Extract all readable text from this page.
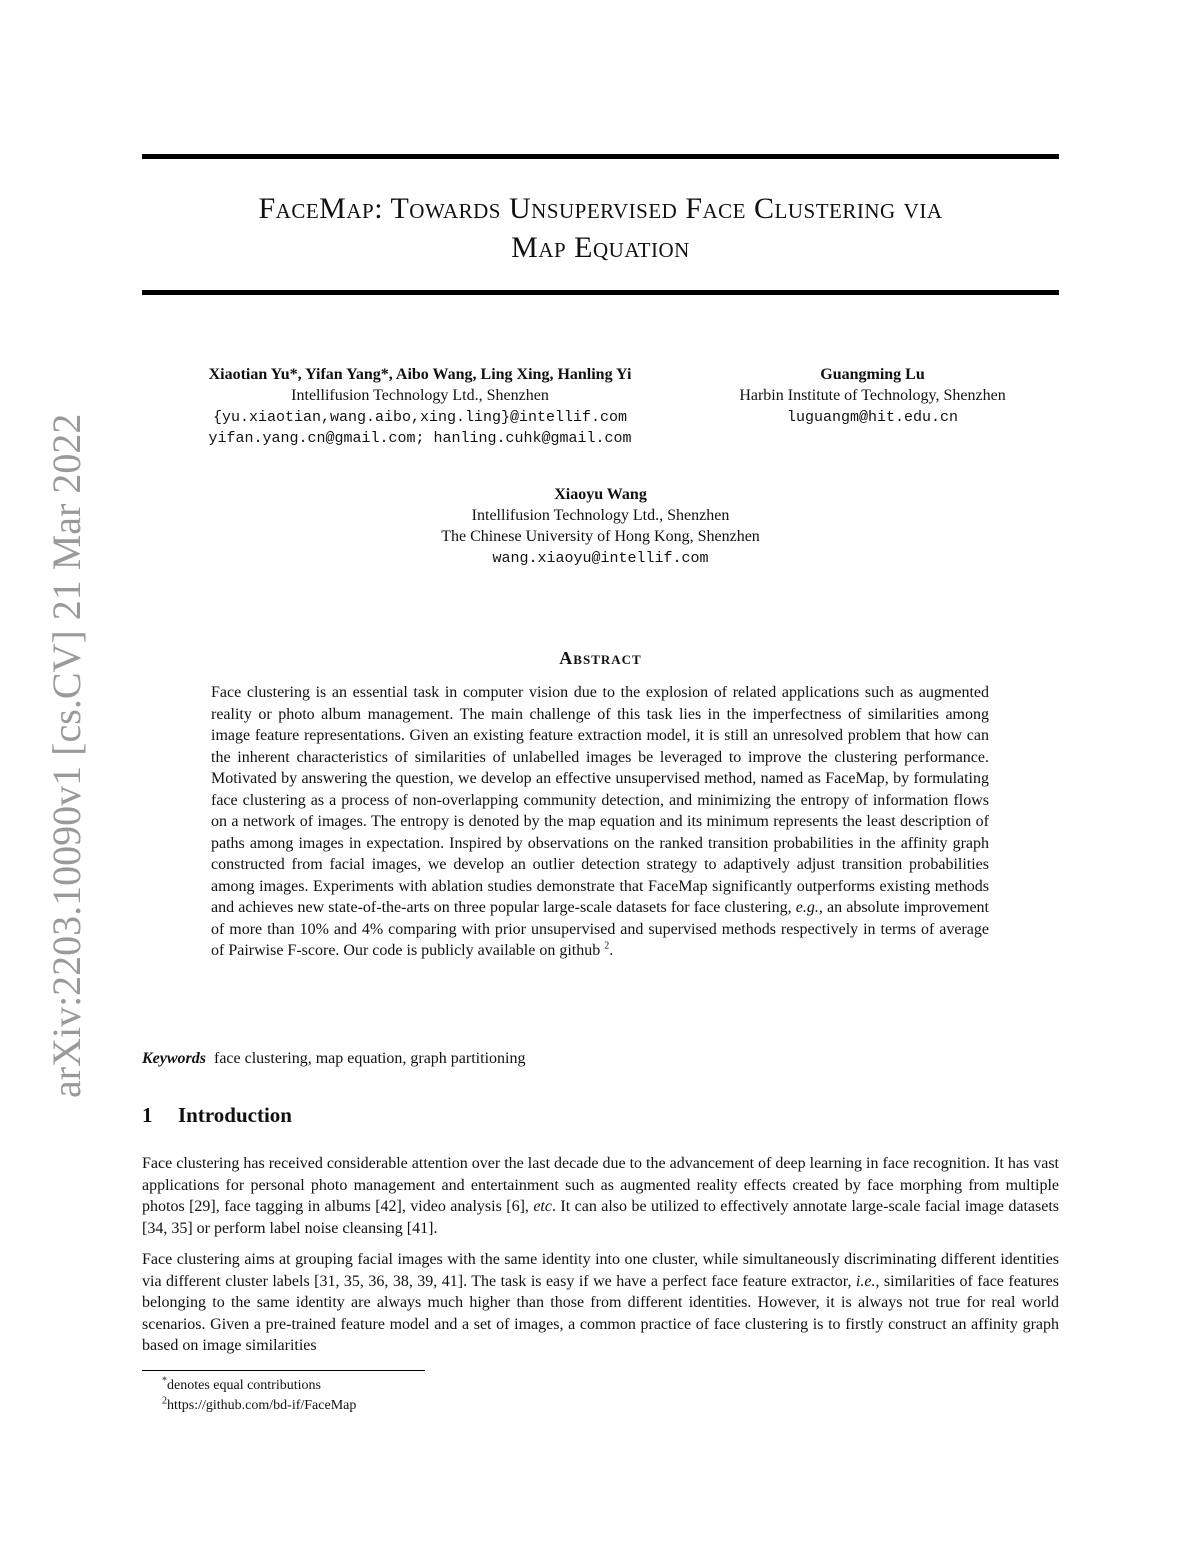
arXiv:2203.10090v1 [cs.CV] 21 Mar 2022
FaceMap: Towards Unsupervised Face Clustering via
Map Equation
Xiaotian Yu*, Yifan Yang*, Aibo Wang, Ling Xing, Hanling Yi
Intellifusion Technology Ltd., Shenzhen
{yu.xiaotian,wang.aibo,xing.ling}@intellif.com
yifan.yang.cn@gmail.com; hanling.cuhk@gmail.com
Guangming Lu
Harbin Institute of Technology, Shenzhen
luguangm@hit.edu.cn
Xiaoyu Wang
Intellifusion Technology Ltd., Shenzhen
The Chinese University of Hong Kong, Shenzhen
wang.xiaoyu@intellif.com
Abstract
Face clustering is an essential task in computer vision due to the explosion of related applications such as augmented reality or photo album management. The main challenge of this task lies in the imperfectness of similarities among image feature representations. Given an existing feature extraction model, it is still an unresolved problem that how can the inherent characteristics of similarities of unlabelled images be leveraged to improve the clustering performance. Motivated by answering the question, we develop an effective unsupervised method, named as FaceMap, by formulating face clustering as a process of non-overlapping community detection, and minimizing the entropy of information flows on a network of images. The entropy is denoted by the map equation and its minimum represents the least description of paths among images in expectation. Inspired by observations on the ranked transition probabilities in the affinity graph constructed from facial images, we develop an outlier detection strategy to adaptively adjust transition probabilities among images. Experiments with ablation studies demonstrate that FaceMap significantly outperforms existing methods and achieves new state-of-the-arts on three popular large-scale datasets for face clustering, e.g., an absolute improvement of more than 10% and 4% comparing with prior unsupervised and supervised methods respectively in terms of average of Pairwise F-score. Our code is publicly available on github $^2$.
Keywords face clustering, map equation, graph partitioning
1 Introduction

Face clustering has received considerable attention over the last decade due to the advancement of deep learning in face recognition. It has vast applications for personal photo management and entertainment such as augmented reality effects created by face morphing from multiple photos [29], face tagging in albums [42], video analysis [6], etc. It can also be utilized to effectively annotate large-scale facial image datasets [34, 35] or perform label noise cleansing [41].

Face clustering aims at grouping facial images with the same identity into one cluster, while simultaneously discriminating different identities via different cluster labels [31, 35, 36, 38, 39, 41]. The task is easy if we have a perfect face feature extractor, i.e., similarities of face features belonging to the same identity are always much higher than those from different identities. However, it is always not true for real world scenarios. Given a pre-trained feature model and a set of images, a common practice of face clustering is to firstly construct an affinity graph based on image similarities

*denotes equal contributions
$^2$https://github.com/bd-if/FaceMap
